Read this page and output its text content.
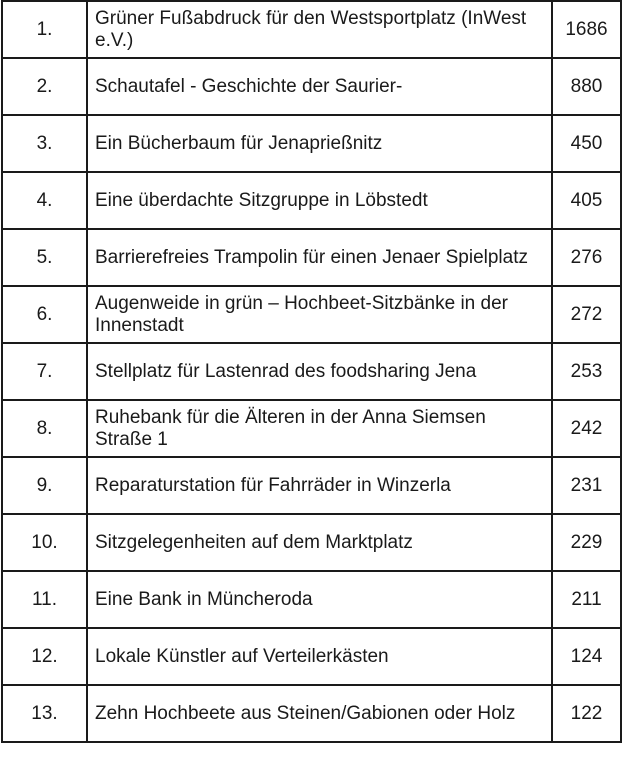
1.	Grüner Fußabdruck für den Westsportplatz (InWest e.V.)	1686
2.	Schautafel - Geschichte der Saurier-	880
3.	Ein Bücherbaum für Jenaprießnitz	450
4.	Eine überdachte Sitzgruppe in Löbstedt	405
5.	Barrierefreies Trampolin für einen Jenaer Spielplatz	276
6.	Augenweide in grün – Hochbeet-Sitzbänke in der Innenstadt	272
7.	Stellplatz für Lastenrad des foodsharing Jena	253
8.	Ruhebank für die Älteren in der Anna Siemsen Straße 1	242
9.	Reparaturstation für Fahrräder in Winzerla	231
10.	Sitzgelegenheiten auf dem Marktplatz	229
11.	Eine Bank in Müncheroda	211
12.	Lokale Künstler auf Verteilerkästen	124
13.	Zehn Hochbeete aus Steinen/Gabionen oder Holz	122
